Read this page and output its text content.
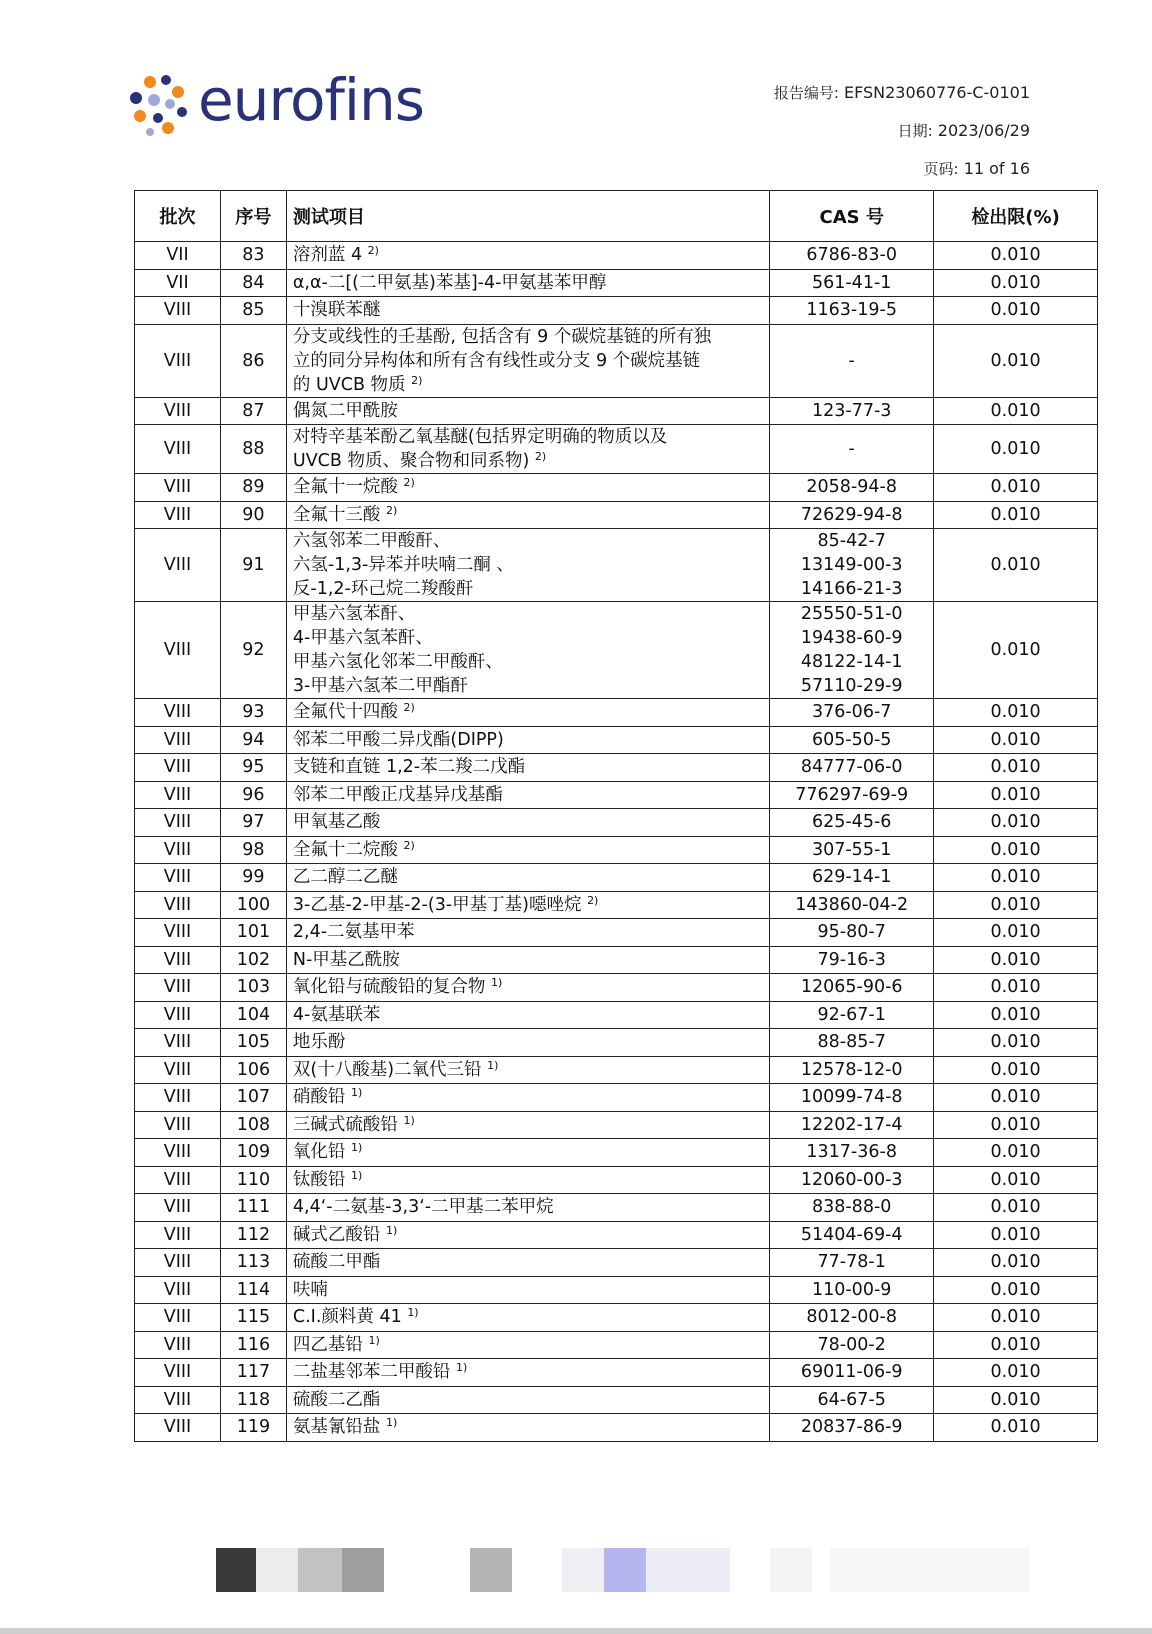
eurofins	报告编号: EFSN23060776-C-0101
日期: 2023/06/29
页码: 11 of 16
批次	序号	测试项目	CAS 号	检出限(%)
VII	83	溶剂蓝 4 $^{2)}$	6786-83-0	0.010
VII	84	α,α-二[(二甲氨基)苯基]-4-甲氨基苯甲醇	561-41-1	0.010
VIII	85	十溴联苯醚	1163-19-5	0.010
VIII	86	分支或线性的壬基酚, 包括含有 9 个碳烷基链的所有独
立的同分异构体和所有含有线性或分支 9 个碳烷基链
的 UVCB 物质 $^{2)}$	-	0.010
VIII	87	偶氮二甲酰胺	123-77-3	0.010
VIII	88	对特辛基苯酚乙氧基醚(包括界定明确的物质以及
UVCB 物质、聚合物和同系物) $^{2)}$	-	0.010
VIII	89	全氟十一烷酸 $^{2)}$	2058-94-8	0.010
VIII	90	全氟十三酸 $^{2)}$	72629-94-8	0.010
VIII	91	六氢邻苯二甲酸酐、
六氢-1,3-异苯并呋喃二酮 、
反-1,2-环己烷二羧酸酐	85-42-7
13149-00-3
14166-21-3	0.010
VIII	92	甲基六氢苯酐、
4-甲基六氢苯酐、
甲基六氢化邻苯二甲酸酐、
3-甲基六氢苯二甲酯酐	25550-51-0
19438-60-9
48122-14-1
57110-29-9	0.010
VIII	93	全氟代十四酸 $^{2)}$	376-06-7	0.010
VIII	94	邻苯二甲酸二异戊酯(DIPP)	605-50-5	0.010
VIII	95	支链和直链 1,2-苯二羧二戊酯	84777-06-0	0.010
VIII	96	邻苯二甲酸正戊基异戊基酯	776297-69-9	0.010
VIII	97	甲氧基乙酸	625-45-6	0.010
VIII	98	全氟十二烷酸 $^{2)}$	307-55-1	0.010
VIII	99	乙二醇二乙醚	629-14-1	0.010
VIII	100	3-乙基-2-甲基-2-(3-甲基丁基)噁唑烷 $^{2)}$	143860-04-2	0.010
VIII	101	2,4-二氨基甲苯	95-80-7	0.010
VIII	102	N-甲基乙酰胺	79-16-3	0.010
VIII	103	氧化铅与硫酸铅的复合物 $^{1)}$	12065-90-6	0.010
VIII	104	4-氨基联苯	92-67-1	0.010
VIII	105	地乐酚	88-85-7	0.010
VIII	106	双(十八酸基)二氧代三铅 $^{1)}$	12578-12-0	0.010
VIII	107	硝酸铅 $^{1)}$	10099-74-8	0.010
VIII	108	三碱式硫酸铅 $^{1)}$	12202-17-4	0.010
VIII	109	氧化铅 $^{1)}$	1317-36-8	0.010
VIII	110	钛酸铅 $^{1)}$	12060-00-3	0.010
VIII	111	4,4‘-二氨基-3,3‘-二甲基二苯甲烷	838-88-0	0.010
VIII	112	碱式乙酸铅 $^{1)}$	51404-69-4	0.010
VIII	113	硫酸二甲酯	77-78-1	0.010
VIII	114	呋喃	110-00-9	0.010
VIII	115	C.I.颜料黄 41 $^{1)}$	8012-00-8	0.010
VIII	116	四乙基铅 $^{1)}$	78-00-2	0.010
VIII	117	二盐基邻苯二甲酸铅 $^{1)}$	69011-06-9	0.010
VIII	118	硫酸二乙酯	64-67-5	0.010
VIII	119	氨基氰铅盐 $^{1)}$	20837-86-9	0.010
